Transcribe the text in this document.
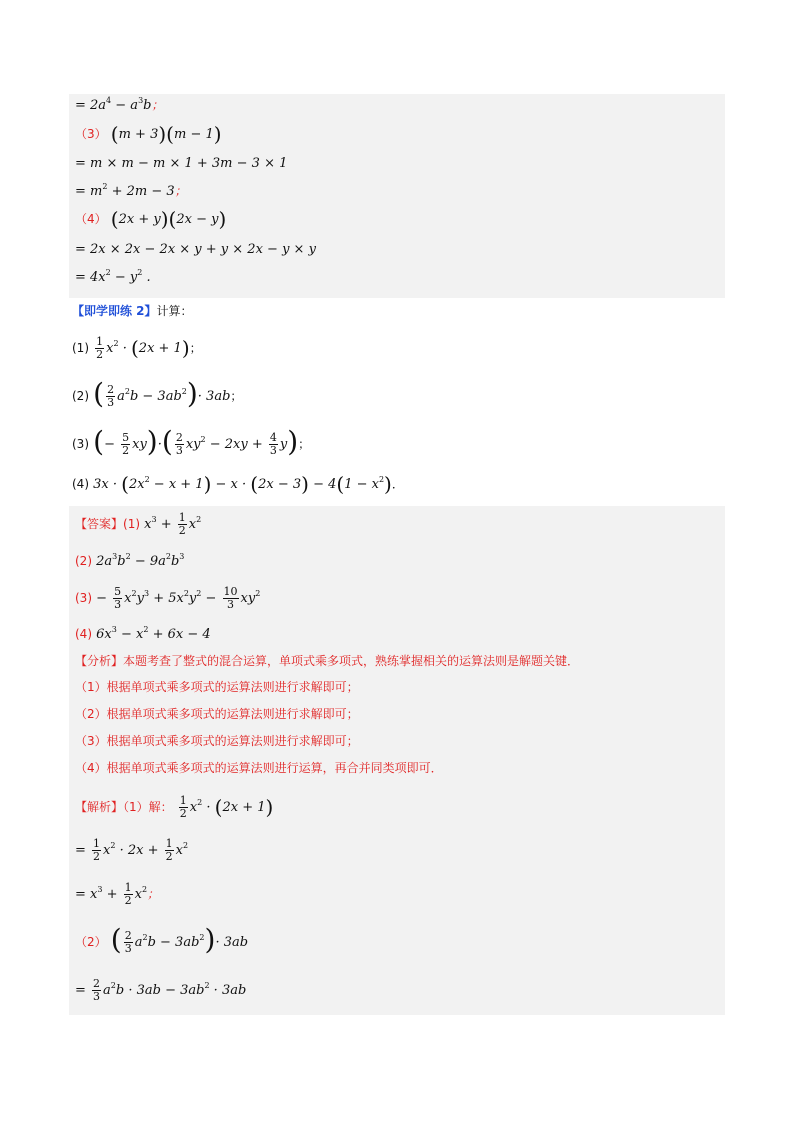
= $2a^4 - a^3b$；
（3） (m + 3)(m − 1)
= m × m − m × 1 + 3m − 3 × 1
= $m^2 + 2m - 3$；
（4） (2x + y)(2x − y)
= 2x × 2x − 2x × y + y × 2x − y × y
= $4x^2 - y^2$ .
【即学即练 2】计算：
$(1) \frac{1}{2} x^2 \cdot (2x + 1)$；
(2) ( $\frac{2}{3} a^2b - 3ab^2)\cdot 3ab$；
(3) (− $\frac{5}{2} xy)\cdot( \frac{2}{3} xy^2 - 2xy + \frac{4}{3} y)$；
(4) $3x \cdot (2x^2 - x + 1) - x \cdot (2x - 3) - 4(1 - x^2)$．
【答案】(1) $x^3 + \frac{1}{2} x^2$
(2) $2a^3b^2 - 9a^2b^3$
$(3) - \frac{5}{3} x^2y^3 + 5x^2y^2 - \frac{10}{3} xy^2$
(4) $6x^3 - x^2 + 6x - 4$
【分析】本题考查了整式的混合运算，单项式乘多项式，熟练掌握相关的运算法则是解题关键．
（1）根据单项式乘多项式的运算法则进行求解即可；
（2）根据单项式乘多项式的运算法则进行求解即可；
（3）根据单项式乘多项式的运算法则进行求解即可；
（4）根据单项式乘多项式的运算法则进行运算，再合并同类项即可．
【解析】（1）解： $\frac{1}{2} x^2 \cdot (2x + 1)$
= $\frac{1}{2} x^2 \cdot 2x + \frac{1}{2} x^2$
= $x^3 + \frac{1}{2} x^2$；
（2） ( $\frac{2}{3} a^2b - 3ab^2)\cdot 3ab$
= $\frac{2}{3} a^2b \cdot 3ab - 3ab^2 \cdot 3ab$
